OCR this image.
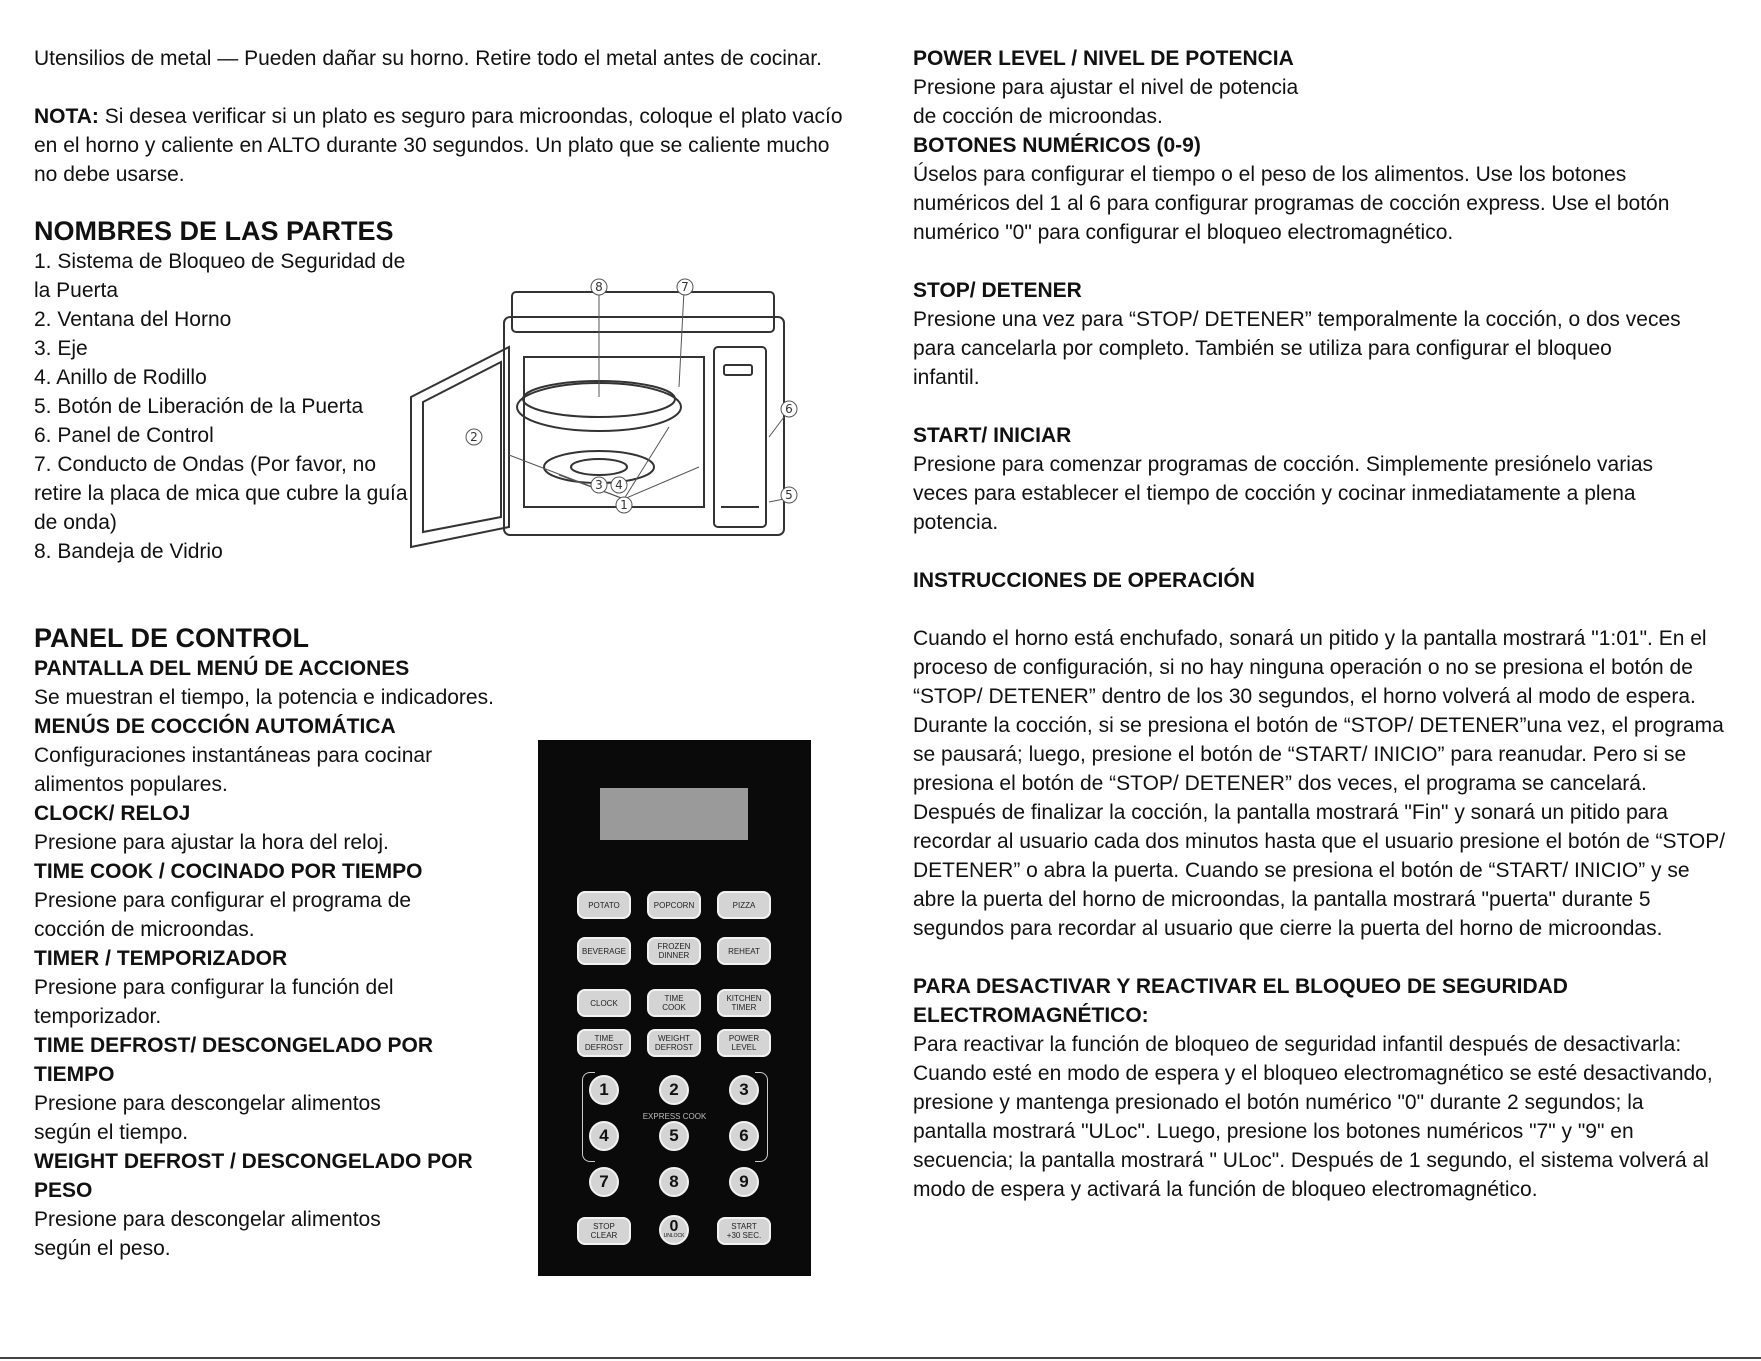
Utensilios de metal — Pueden dañar su horno. Retire todo el metal antes de cocinar.

NOTA: Si desea verificar si un plato es seguro para microondas, coloque el plato vacío en el horno y caliente en ALTO durante 30 segundos. Un plato que se caliente mucho no debe usarse.

NOMBRES DE LAS PARTES
1. Sistema de Bloqueo de Seguridad de la Puerta
2. Ventana del Horno
3. Eje
4. Anillo de Rodillo
5. Botón de Liberación de la Puerta
6. Panel de Control
7. Conducto de Ondas (Por favor, no retire la placa de mica que cubre la guía de onda)
8. Bandeja de Vidrio
1
2
3 4
5
6
7
8
PANEL DE CONTROL
PANTALLA DEL MENÚ DE ACCIONES
Se muestran el tiempo, la potencia e indicadores.
MENÚS DE COCCIÓN AUTOMÁTICA
Configuraciones instantáneas para cocinar alimentos populares.
CLOCK/ RELOJ
Presione para ajustar la hora del reloj.
TIME COOK / COCINADO POR TIEMPO
Presione para configurar el programa de cocción de microondas.
TIMER / TEMPORIZADOR
Presione para configurar la función del temporizador.
TIME DEFROST/ DESCONGELADO POR TIEMPO
Presione para descongelar alimentos según el tiempo.
WEIGHT DEFROST / DESCONGELADO POR PESO
Presione para descongelar alimentos según el peso.
POTATO	POPCORN	PIZZA
BEVERAGE	FROZEN
DINNER	REHEAT
CLOCK	TIME
COOK
KITCHEN
TIMER
TIME
DEFROST
WEIGHT
DEFROST
POWER
LEVEL
1	2	3
EXPRESS COOK
4	5	6
7	8	9
STOP
CLEAR
0
UNLOCK
START
+30 SEC.
POWER LEVEL / NIVEL DE POTENCIA
Presione para ajustar el nivel de potencia de cocción de microondas.
BOTONES NUMÉRICOS (0-9)
Úselos para configurar el tiempo o el peso de los alimentos. Use los botones numéricos del 1 al 6 para configurar programas de cocción express. Use el botón numérico "0" para configurar el bloqueo electromagnético.
STOP/ DETENER
Presione una vez para “STOP/ DETENER” temporalmente la cocción, o dos veces para cancelarla por completo. También se utiliza para configurar el bloqueo infantil.
START/ INICIAR
Presione para comenzar programas de cocción. Simplemente presiónelo varias veces para establecer el tiempo de cocción y cocinar inmediatamente a plena potencia.
INSTRUCCIONES DE OPERACIÓN
Cuando el horno está enchufado, sonará un pitido y la pantalla mostrará "1:01". En el proceso de configuración, si no hay ninguna operación o no se presiona el botón de “STOP/ DETENER” dentro de los 30 segundos, el horno volverá al modo de espera. Durante la cocción, si se presiona el botón de “STOP/ DETENER”una vez, el programa se pausará; luego, presione el botón de “START/ INICIO” para reanudar. Pero si se presiona el botón de “STOP/ DETENER” dos veces, el programa se cancelará. Después de finalizar la cocción, la pantalla mostrará "Fin" y sonará un pitido para recordar al usuario cada dos minutos hasta que el usuario presione el botón de “STOP/ DETENER” o abra la puerta. Cuando se presiona el botón de “START/ INICIO” y se abre la puerta del horno de microondas, la pantalla mostrará "puerta" durante 5 segundos para recordar al usuario que cierre la puerta del horno de microondas.
PARA DESACTIVAR Y REACTIVAR EL BLOQUEO DE SEGURIDAD ELECTROMAGNÉTICO:
Para reactivar la función de bloqueo de seguridad infantil después de desactivarla: Cuando esté en modo de espera y el bloqueo electromagnético se esté desactivando, presione y mantenga presionado el botón numérico "0" durante 2 segundos; la pantalla mostrará "ULoc". Luego, presione los botones numéricos "7" y "9" en secuencia; la pantalla mostrará " ULoc". Después de 1 segundo, el sistema volverá al modo de espera y activará la función de bloqueo electromagnético.
